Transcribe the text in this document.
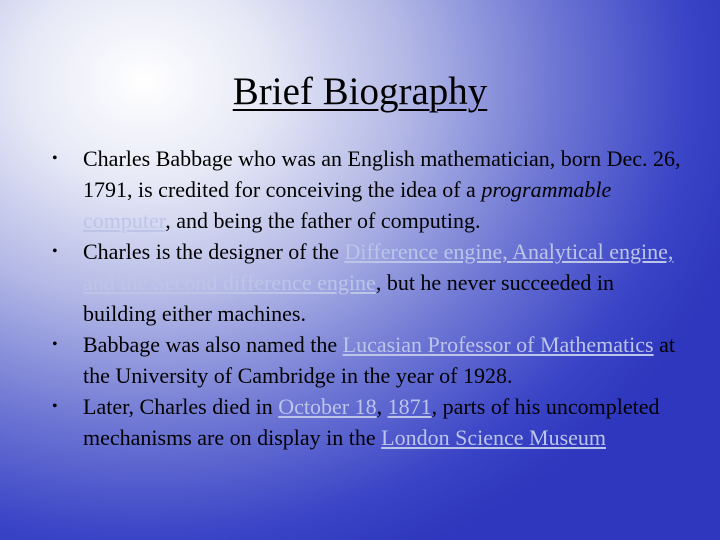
Brief Biography
• Charles Babbage who was an English mathematician, born Dec. 26, 1791, is credited for conceiving the idea of a programmable computer, and being the father of computing.
• Charles is the designer of the Difference engine, Analytical engine, and the Second difference engine, but he never succeeded in building either machines.
• Babbage was also named the Lucasian Professor of Mathematics at the University of Cambridge in the year of 1928.
• Later, Charles died in October 18, 1871, parts of his uncompleted mechanisms are on display in the London Science Museum
